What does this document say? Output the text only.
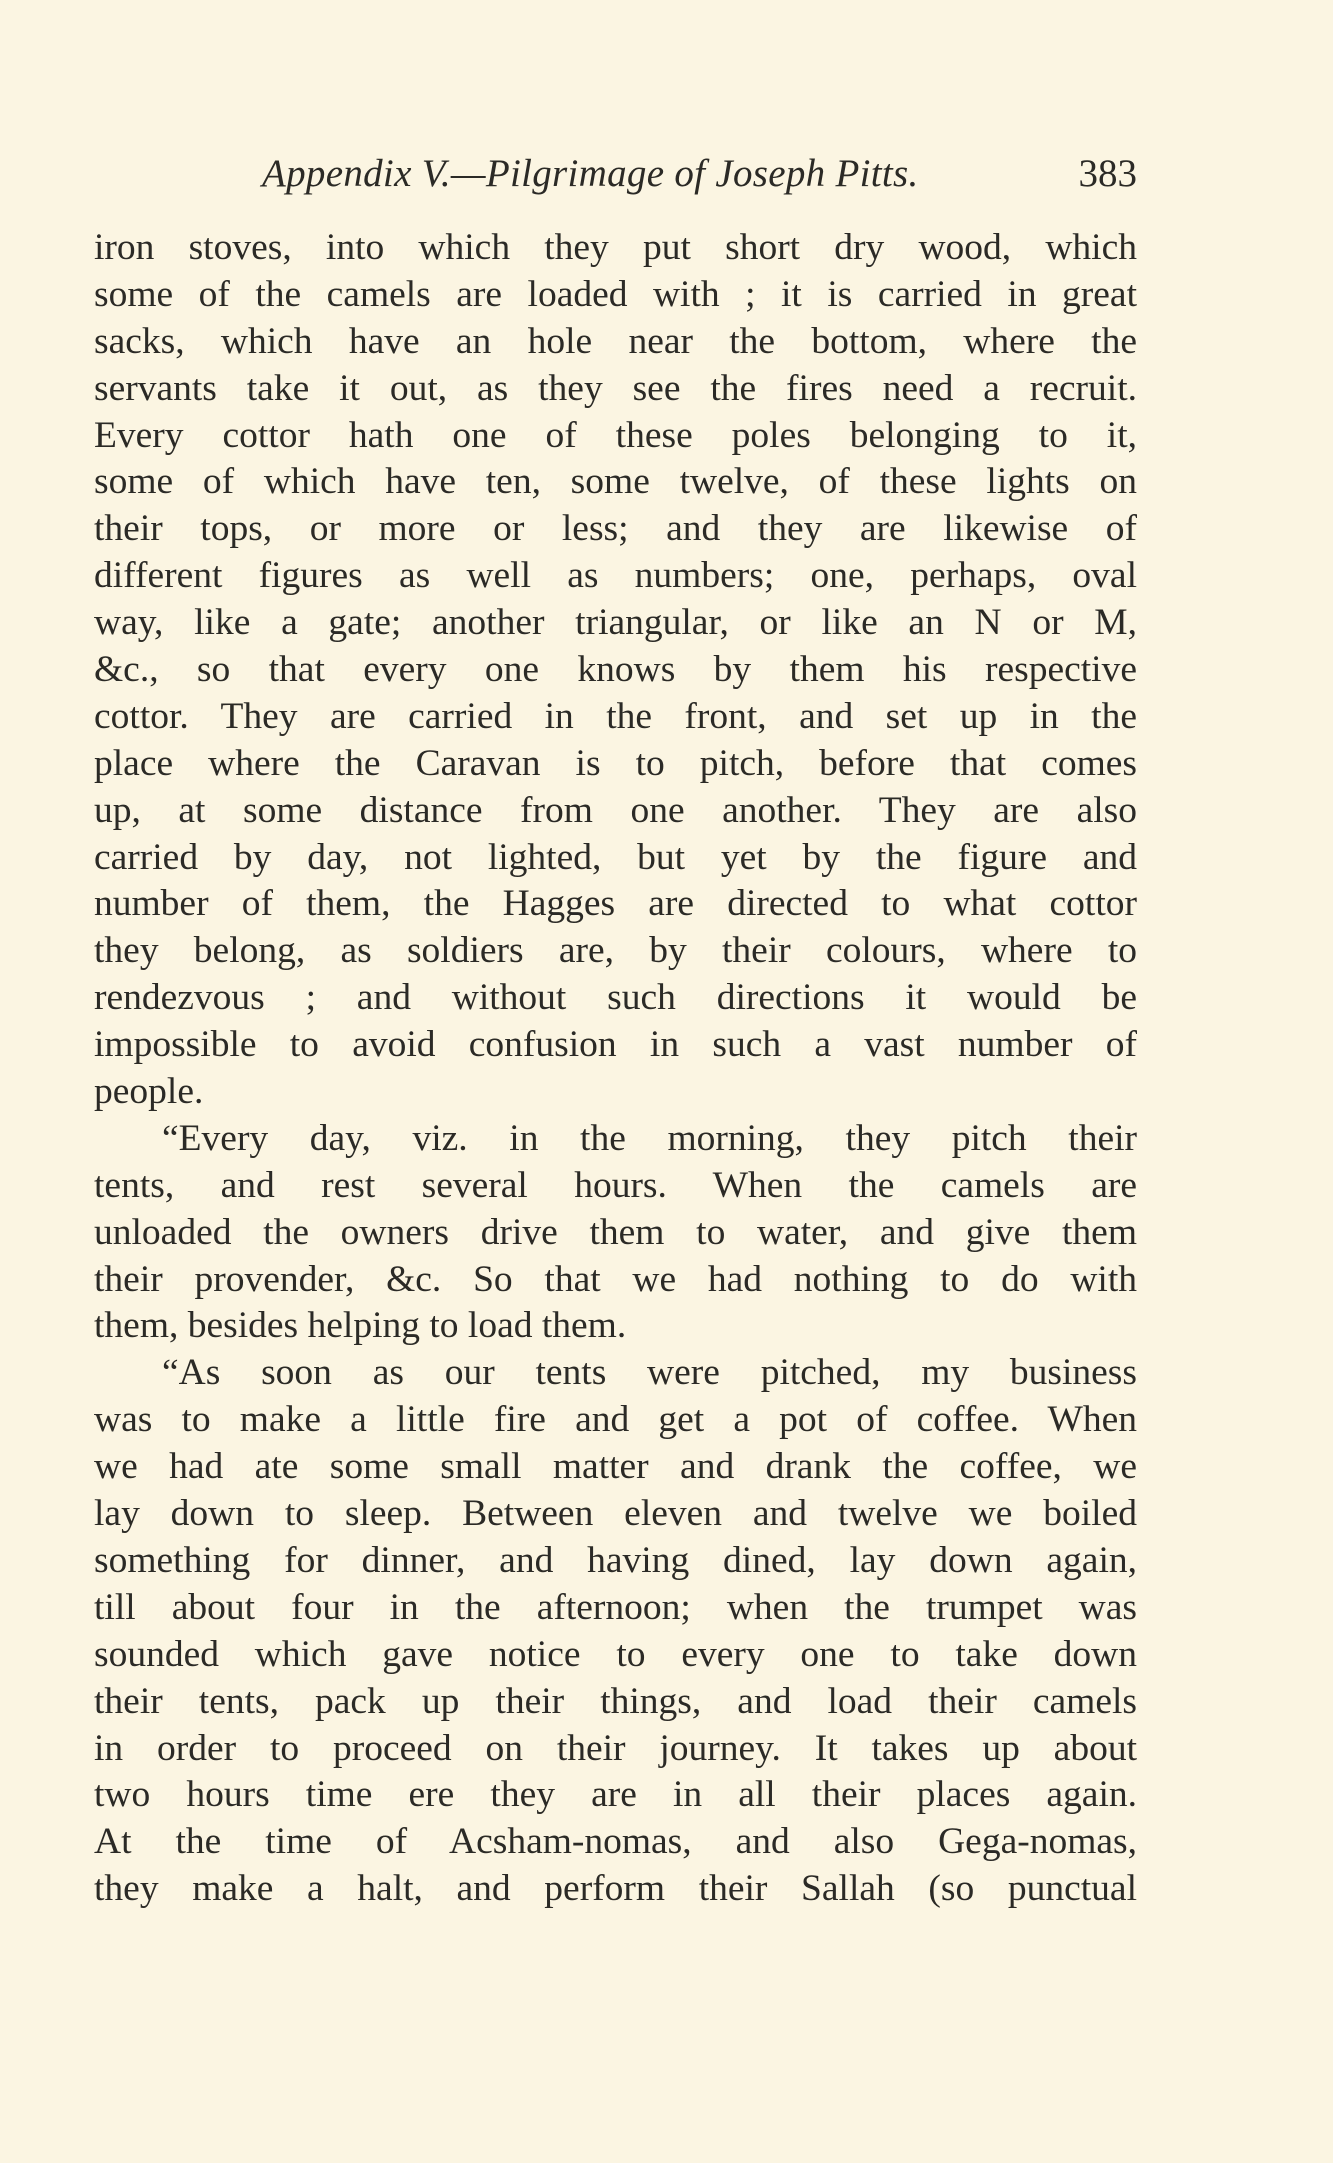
Appendix V.—Pilgrimage of Joseph Pitts.	383
iron stoves, into which they put short dry wood, which
some of the camels are loaded with ; it is carried in great
sacks, which have an hole near the bottom, where the
servants take it out, as they see the fires need a recruit.
Every cottor hath one of these poles belonging to it,
some of which have ten, some twelve, of these lights on
their tops, or more or less; and they are likewise of
different figures as well as numbers; one, perhaps, oval
way, like a gate; another triangular, or like an N or M,
&c., so that every one knows by them his respective
cottor. They are carried in the front, and set up in the
place where the Caravan is to pitch, before that comes
up, at some distance from one another. They are also
carried by day, not lighted, but yet by the figure and
number of them, the Hagges are directed to what cottor
they belong, as soldiers are, by their colours, where to
rendezvous ; and without such directions it would be
impossible to avoid confusion in such a vast number of
people.
“Every day, viz. in the morning, they pitch their
tents, and rest several hours. When the camels are
unloaded the owners drive them to water, and give them
their provender, &c. So that we had nothing to do with
them, besides helping to load them.
“As soon as our tents were pitched, my business
was to make a little fire and get a pot of coffee. When
we had ate some small matter and drank the coffee, we
lay down to sleep. Between eleven and twelve we boiled
something for dinner, and having dined, lay down again,
till about four in the afternoon; when the trumpet was
sounded which gave notice to every one to take down
their tents, pack up their things, and load their camels
in order to proceed on their journey. It takes up about
two hours time ere they are in all their places again.
At the time of Acsham-nomas, and also Gega-nomas,
they make a halt, and perform their Sallah (so punctual
